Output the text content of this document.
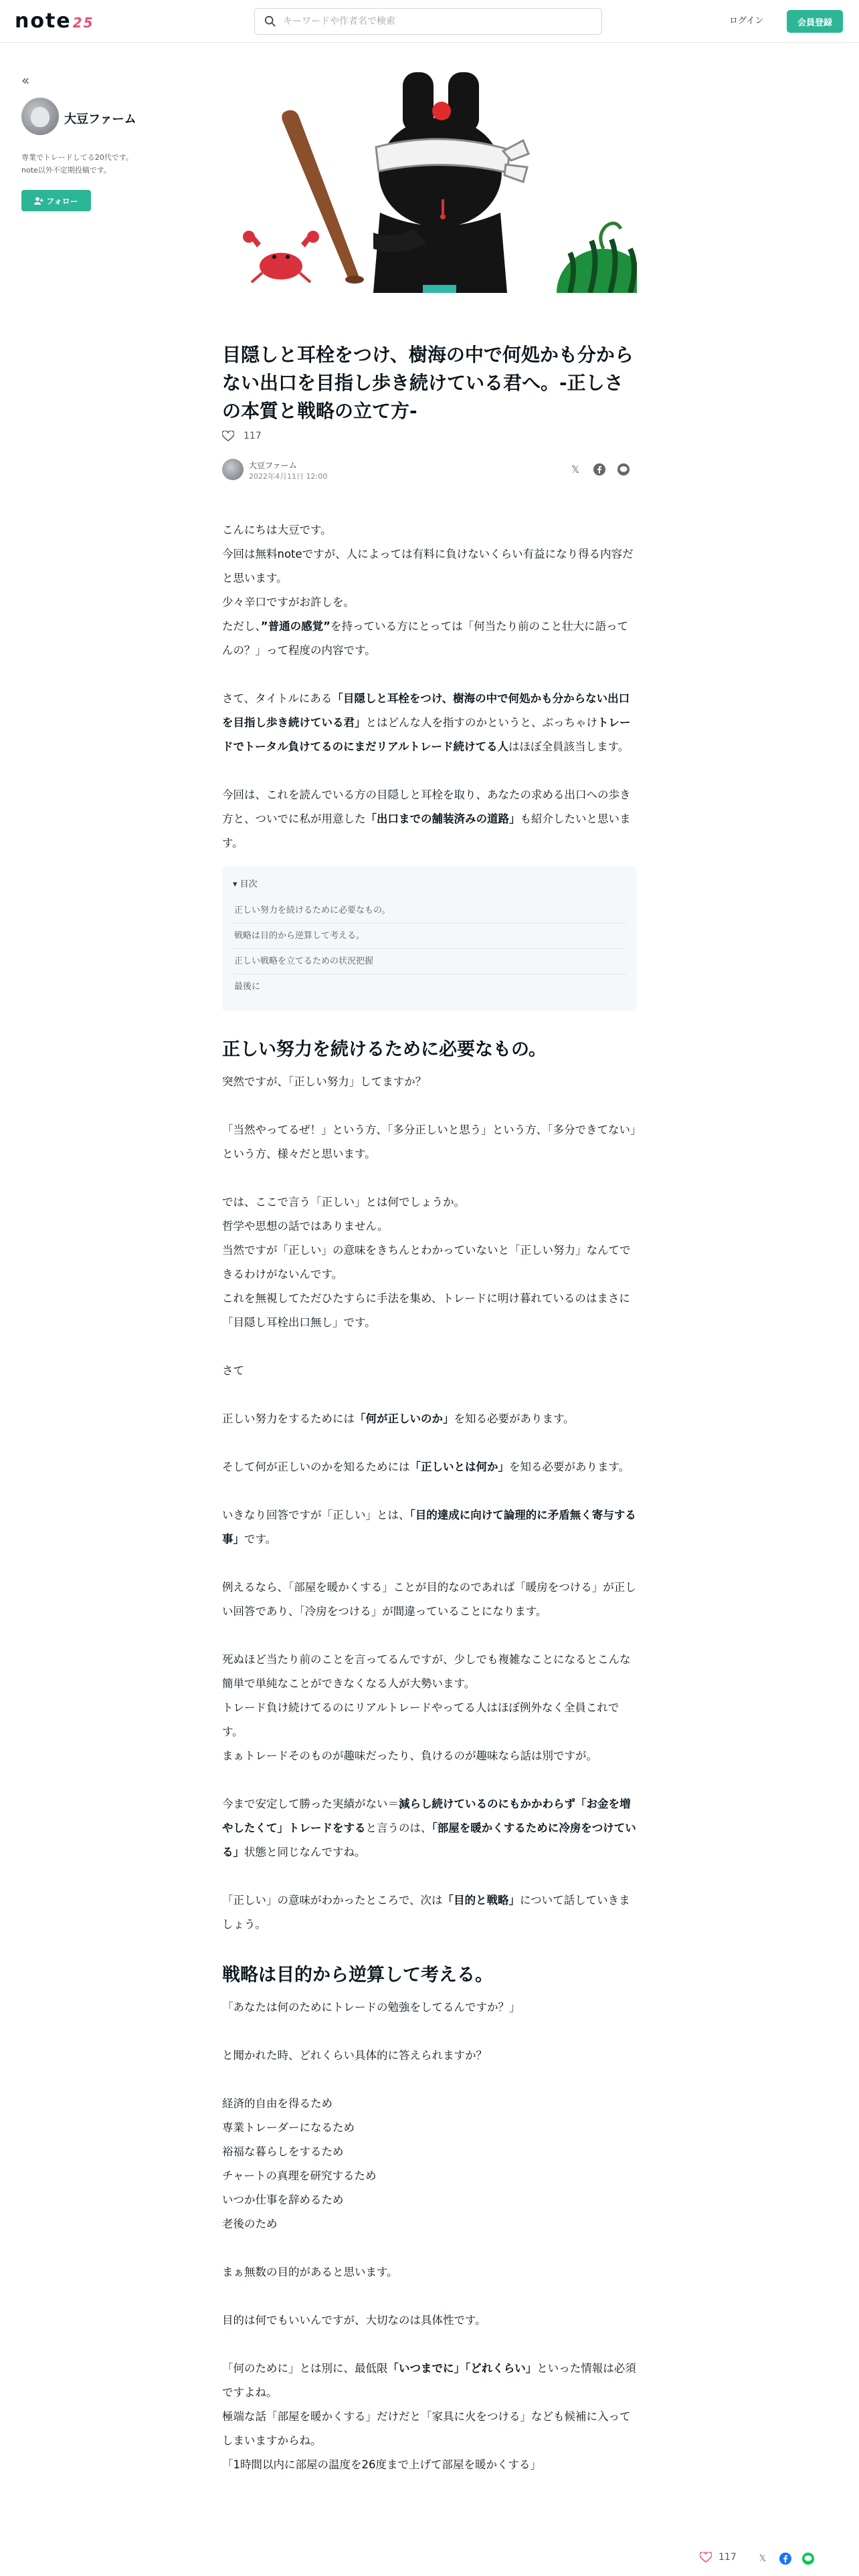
note 25
キーワードや作者名で検索	ログイン	会員登録
«
大豆ファーム
専業でトレードしてる20代です。
note以外不定期投稿です。
フォロー
目隠しと耳栓をつけ、樹海の中で何処かも分からない出口を目指し歩き続けている君へ。-正しさの本質と戦略の立て方-
117
大豆ファーム
2022年4月11日 12:00
𝕏

こんにちは大豆です。

今回は無料noteですが、人によっては有料に負けないくらい有益になり得る内容だと思います。

少々辛口ですがお許しを。

ただし、”普通の感覚”を持っている方にとっては「何当たり前のこと壮大に語ってんの？」って程度の内容です。

さて、タイトルにある「目隠しと耳栓をつけ、樹海の中で何処かも分からない出口を目指し歩き続けている君」とはどんな人を指すのかというと、ぶっちゃけトレードでトータル負けてるのにまだリアルトレード続けてる人はほぼ全員該当します。

今回は、これを読んでいる方の目隠しと耳栓を取り、あなたの求める出口への歩き方と、ついでに私が用意した「出口までの舗装済みの道路」も紹介したいと思います。

▾ 目次
正しい努力を続けるために必要なもの。
戦略は目的から逆算して考える。
正しい戦略を立てるための状況把握
最後に
正しい努力を続けるために必要なもの。

突然ですが、「正しい努力」してますか？

「当然やってるぜ！」という方、「多分正しいと思う」という方、「多分できてない」という方、様々だと思います。

では、ここで言う「正しい」とは何でしょうか。

哲学や思想の話ではありません。

当然ですが「正しい」の意味をきちんとわかっていないと「正しい努力」なんてできるわけがないんです。

これを無視してただひたすらに手法を集め、トレードに明け暮れているのはまさに「目隠し耳栓出口無し」です。

さて

正しい努力をするためには「何が正しいのか」を知る必要があります。

そして何が正しいのかを知るためには「正しいとは何か」を知る必要があります。

いきなり回答ですが「正しい」とは、「目的達成に向けて論理的に矛盾無く寄与する事」です。

例えるなら、「部屋を暖かくする」ことが目的なのであれば「暖房をつける」が正しい回答であり、「冷房をつける」が間違っていることになります。

死ぬほど当たり前のことを言ってるんですが、少しでも複雑なことになるとこんな簡単で単純なことができなくなる人が大勢います。

トレード負け続けてるのにリアルトレードやってる人はほぼ例外なく全員これです。

まぁトレードそのものが趣味だったり、負けるのが趣味なら話は別ですが。

今まで安定して勝った実績がない＝減らし続けているのにもかかわらず「お金を増やしたくて」トレードをすると言うのは、「部屋を暖かくするために冷房をつけている」状態と同じなんですね。

「正しい」の意味がわかったところで、次は「目的と戦略」について話していきましょう。

戦略は目的から逆算して考える。

「あなたは何のためにトレードの勉強をしてるんですか？」

と聞かれた時、どれくらい具体的に答えられますか？

経済的自由を得るため

専業トレーダーになるため

裕福な暮らしをするため

チャートの真理を研究するため

いつか仕事を辞めるため

老後のため

まぁ無数の目的があると思います。

目的は何でもいいんですが、大切なのは具体性です。

「何のために」とは別に、最低限「いつまでに」「どれくらい」といった情報は必須ですよね。

極端な話「部屋を暖かくする」だけだと「家具に火をつける」なども候補に入ってしまいますからね。

「1時間以内に部屋の温度を26度まで上げて部屋を暖かくする」

117	𝕏
